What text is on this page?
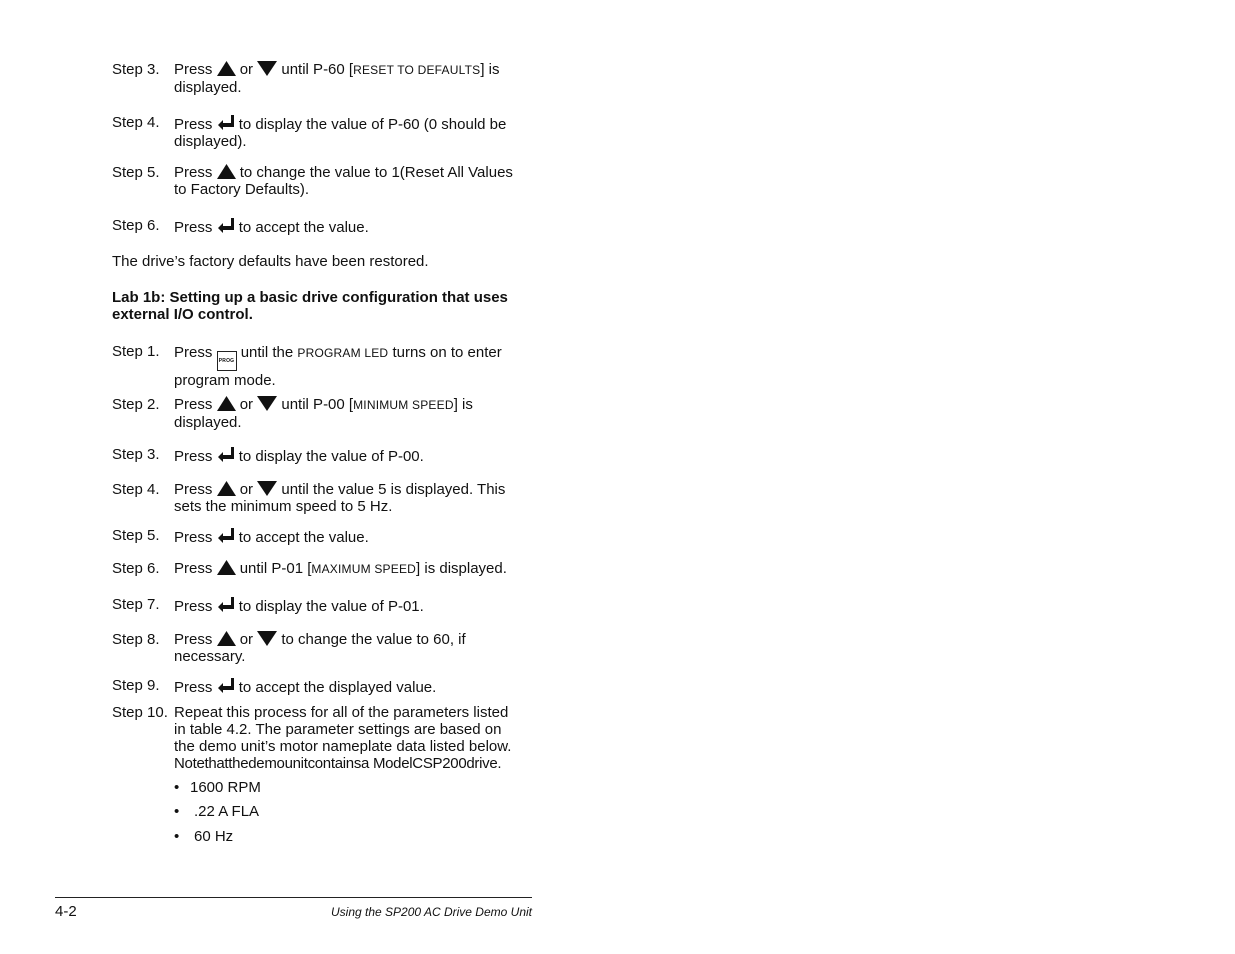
Step 3. Press or until P-60 [RESET TO DEFAULTS] is
displayed.
Step 4. Press to display the value of P-60 (0 should be
displayed).
Step 5. Press to change the value to 1(Reset All Values
to Factory Defaults).
Step 6. Press to accept the value.
The drive’s factory defaults have been restored.
Lab 1b: Setting up a basic drive configuration that uses
external I/O control.
Step 1. Press PROG until the PROGRAM LED turns on to enter
program mode.
Step 2. Press or until P-00 [MINIMUM SPEED] is
displayed.
Step 3. Press to display the value of P-00.
Step 4. Press or until the value 5 is displayed. This
sets the minimum speed to 5 Hz.
Step 5. Press to accept the value.
Step 6. Press until P-01 [MAXIMUM SPEED] is displayed.
Step 7. Press to display the value of P-01.
Step 8. Press or to change the value to 60, if
necessary.
Step 9. Press to accept the displayed value.
Step 10. Repeat this process for all of the parameters listed
in table 4.2. The parameter settings are based on
the demo unit’s motor nameplate data listed below.
Notethatthedemounitcontainsa ModelCSP200drive.
• 1600 RPM
• .22 A FLA
• 60 Hz
4-2	Using the SP200 AC Drive Demo Unit
